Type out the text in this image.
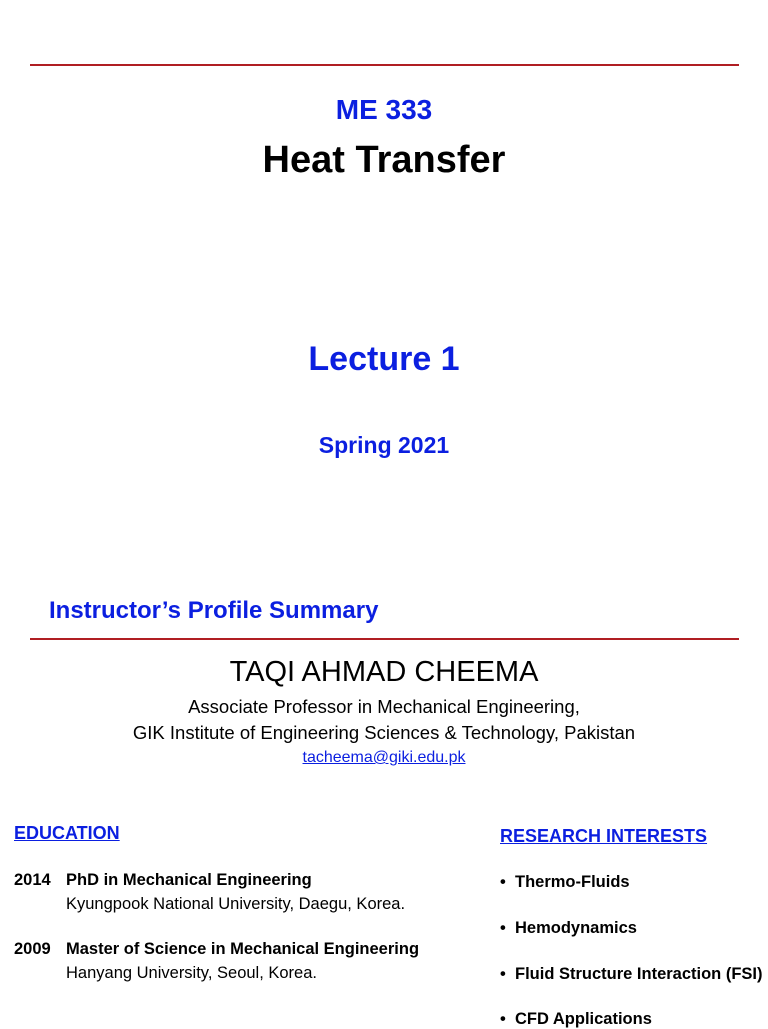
ME 333
Heat Transfer
Lecture 1
Spring 2021
Instructor’s Profile Summary
TAQI AHMAD CHEEMA
Associate Professor in Mechanical Engineering,
GIK Institute of Engineering Sciences & Technology, Pakistan
tacheema@giki.edu.pk
EDUCATION
2014 PhD in Mechanical Engineering
Kyungpook National University, Daegu, Korea.
2009 Master of Science in Mechanical Engineering
Hanyang University, Seoul, Korea.
RESEARCH INTERESTS
• Thermo-Fluids
• Hemodynamics
• Fluid Structure Interaction (FSI)
• CFD Applications
